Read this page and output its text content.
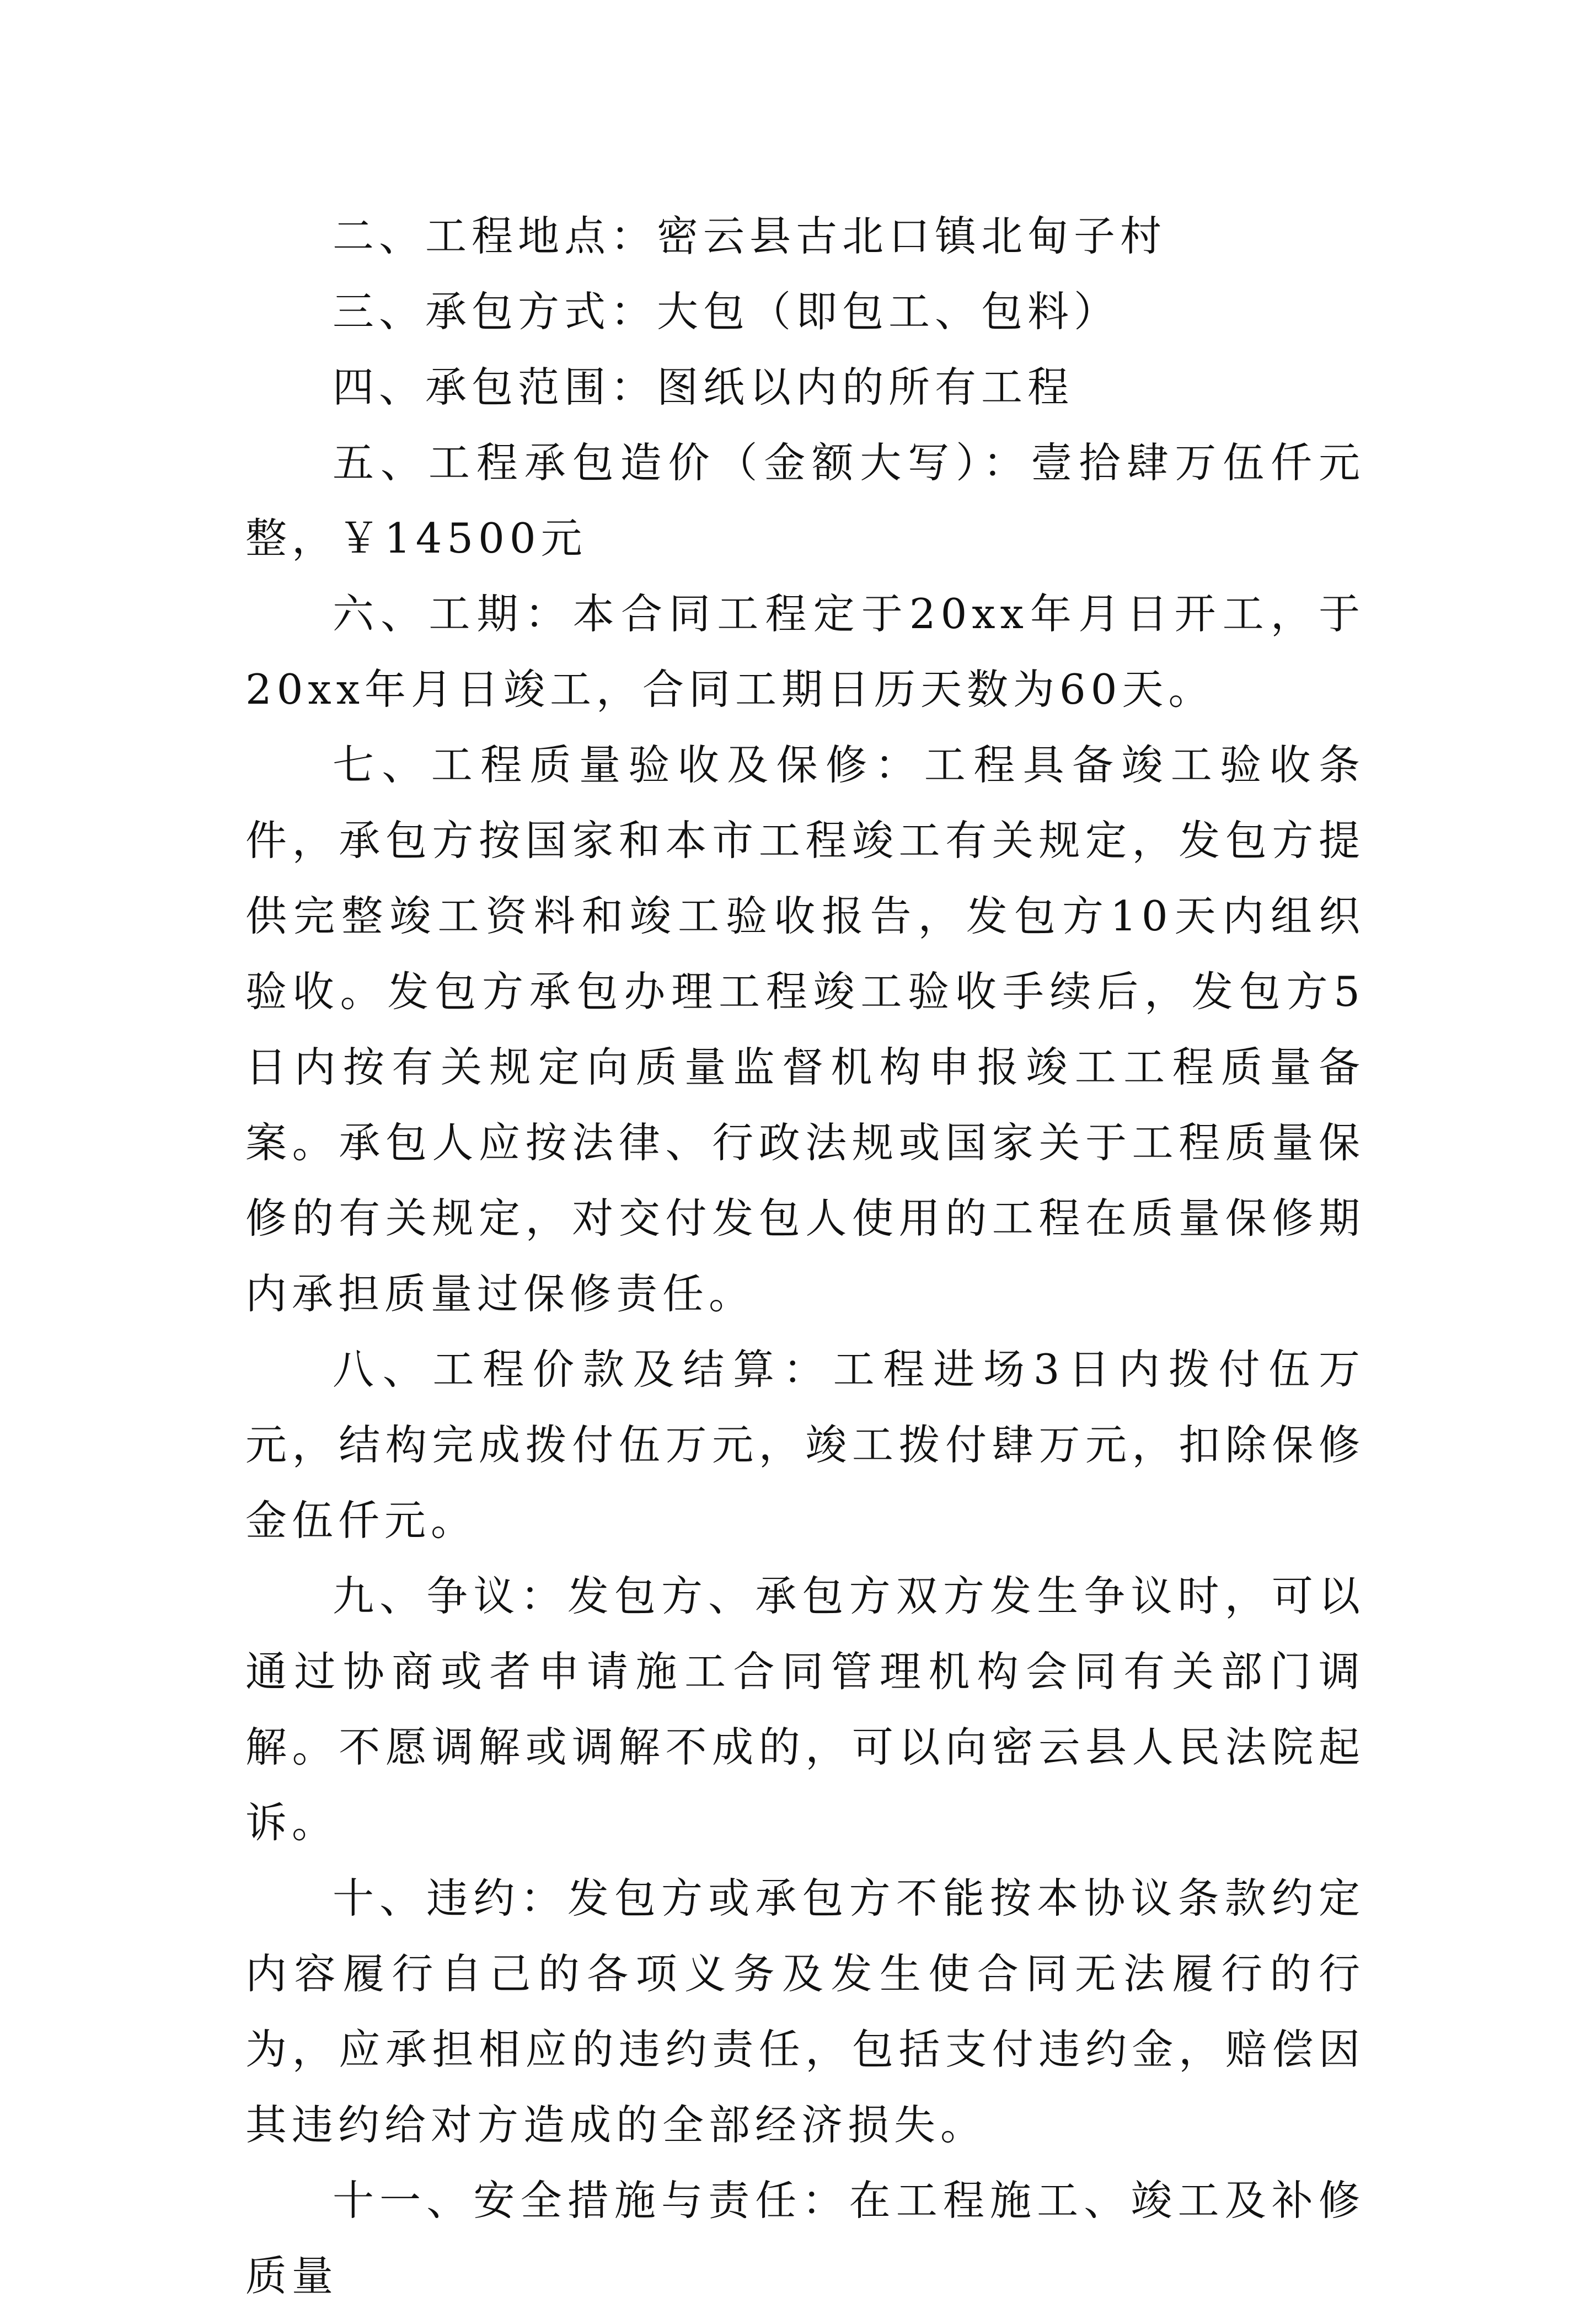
二、工程地点：密云县古北口镇北甸子村

三、承包方式：大包（即包工、包料）

四、承包范围：图纸以内的所有工程

五、工程承包造价（金额大写）：壹拾肆万伍仟元整，￥14500元

六、工期：本合同工程定于20xx年月日开工，于20xx年月日竣工，合同工期日历天数为60天。

七、工程质量验收及保修：工程具备竣工验收条件，承包方按国家和本市工程竣工有关规定，发包方提供完整竣工资料和竣工验收报告，发包方10天内组织验收。发包方承包办理工程竣工验收手续后，发包方5日内按有关规定向质量监督机构申报竣工工程质量备案。承包人应按法律、行政法规或国家关于工程质量保修的有关规定，对交付发包人使用的工程在质量保修期内承担质量过保修责任。

八、工程价款及结算：工程进场3日内拨付伍万元，结构完成拨付伍万元，竣工拨付肆万元，扣除保修金伍仟元。

九、争议：发包方、承包方双方发生争议时，可以通过协商或者申请施工合同管理机构会同有关部门调解。不愿调解或调解不成的，可以向密云县人民法院起诉。

十、违约：发包方或承包方不能按本协议条款约定内容履行自己的各项义务及发生使合同无法履行的行为，应承担相应的违约责任，包括支付违约金，赔偿因其违约给对方造成的全部经济损失。

十一、安全措施与责任：在工程施工、竣工及补修质量
